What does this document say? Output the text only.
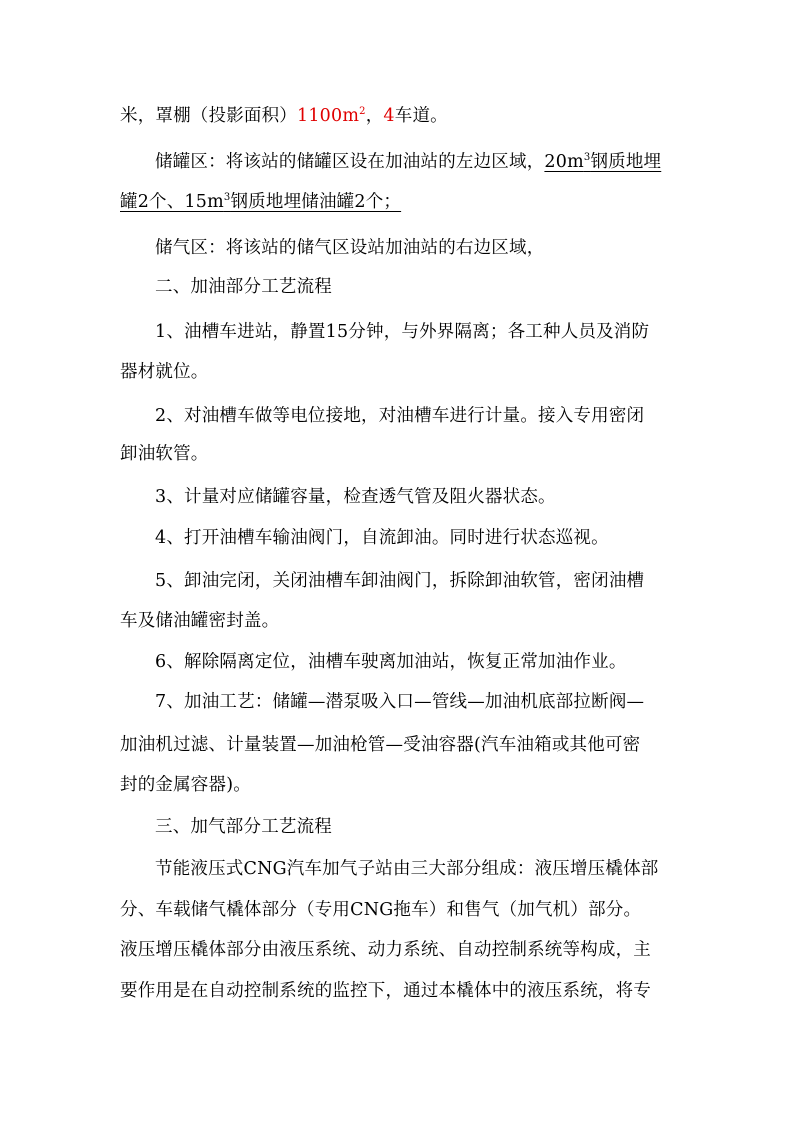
米，罩棚（投影面积）$1100m^2$，4车道。
储罐区：将该站的储罐区设在加油站的左边区域，$20m^3$钢质地埋
罐2个、$15m^3$钢质地埋储油罐2个；
储气区：将该站的储气区设站加油站的右边区域，
二、加油部分工艺流程
1、油槽车进站，静置15分钟，与外界隔离；各工种人员及消防
器材就位。
2、对油槽车做等电位接地，对油槽车进行计量。接入专用密闭
卸油软管。
3、计量对应储罐容量，检查透气管及阻火器状态。
4、打开油槽车输油阀门，自流卸油。同时进行状态巡视。
5、卸油完闭，关闭油槽车卸油阀门，拆除卸油软管，密闭油槽
车及储油罐密封盖。
6、解除隔离定位，油槽车驶离加油站，恢复正常加油作业。
7、加油工艺：储罐—潜泵吸入口—管线—加油机底部拉断阀—
加油机过滤、计量装置—加油枪管—受油容器(汽车油箱或其他可密
封的金属容器)。
三、加气部分工艺流程
节能液压式CNG汽车加气子站由三大部分组成：液压增压橇体部
分、车载储气橇体部分（专用CNG拖车）和售气（加气机）部分。
液压增压橇体部分由液压系统、动力系统、自动控制系统等构成，主
要作用是在自动控制系统的监控下，通过本橇体中的液压系统，将专
